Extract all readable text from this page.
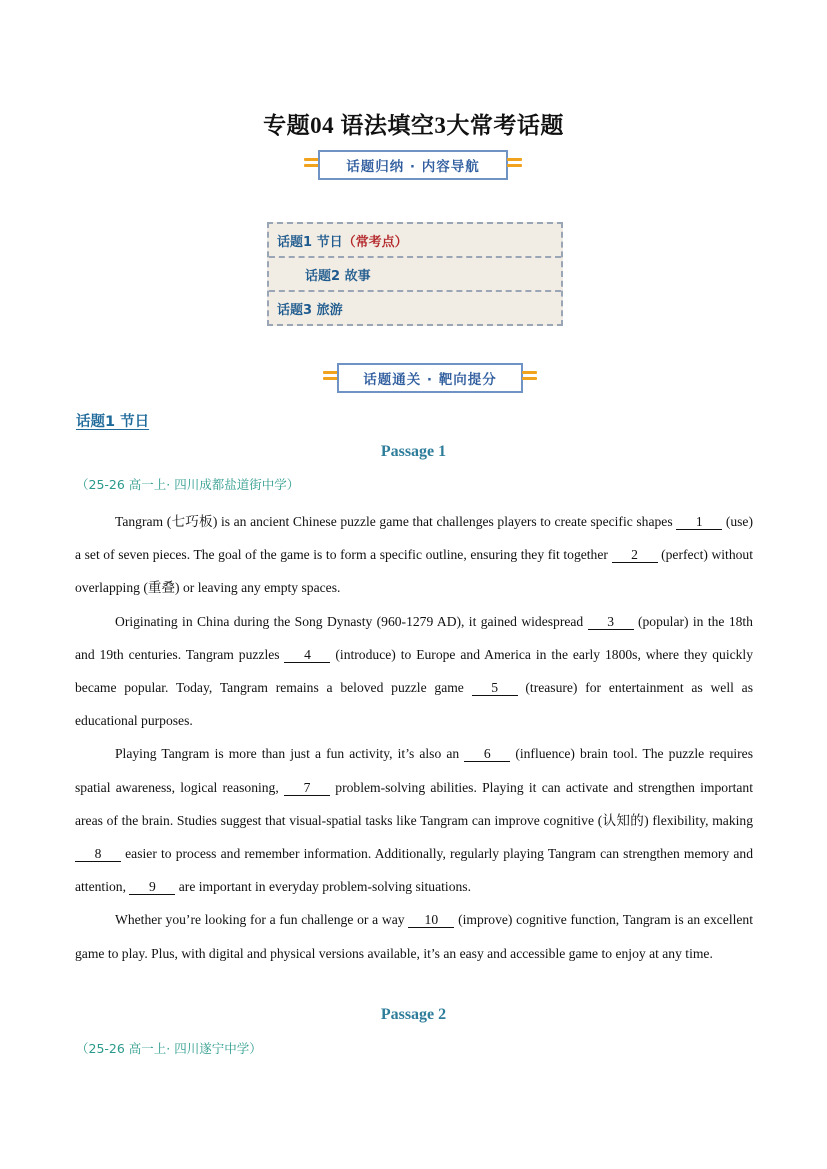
专题04 语法填空3大常考话题
话题归纳 · 内容导航
话题1 节日 （常考点）
话题2 故事
话题3 旅游
话题通关 · 靶向提分
话题1 节日
Passage 1
（25-26 高一上· 四川成都盐道街中学）

Tangram (七巧板) is an ancient Chinese puzzle game that challenges players to create specific shapes 1 (use) a set of seven pieces. The goal of the game is to form a specific outline, ensuring they fit together 2 (perfect) without overlapping (重叠) or leaving any empty spaces.

Originating in China during the Song Dynasty (960-1279 AD), it gained widespread 3 (popular) in the 18th and 19th centuries. Tangram puzzles 4 (introduce) to Europe and America in the early 1800s, where they quickly became popular. Today, Tangram remains a beloved puzzle game 5 (treasure) for entertainment as well as educational purposes.

Playing Tangram is more than just a fun activity, it’s also an 6 (influence) brain tool. The puzzle requires spatial awareness, logical reasoning, 7 problem-solving abilities. Playing it can activate and strengthen important areas of the brain. Studies suggest that visual-spatial tasks like Tangram can improve cognitive (认知的) flexibility, making 8 easier to process and remember information. Additionally, regularly playing Tangram can strengthen memory and attention, 9 are important in everyday problem-solving situations.

Whether you’re looking for a fun challenge or a way 10 (improve) cognitive function, Tangram is an excellent game to play. Plus, with digital and physical versions available, it’s an easy and accessible game to enjoy at any time.

Passage 2
（25-26 高一上· 四川遂宁中学）
